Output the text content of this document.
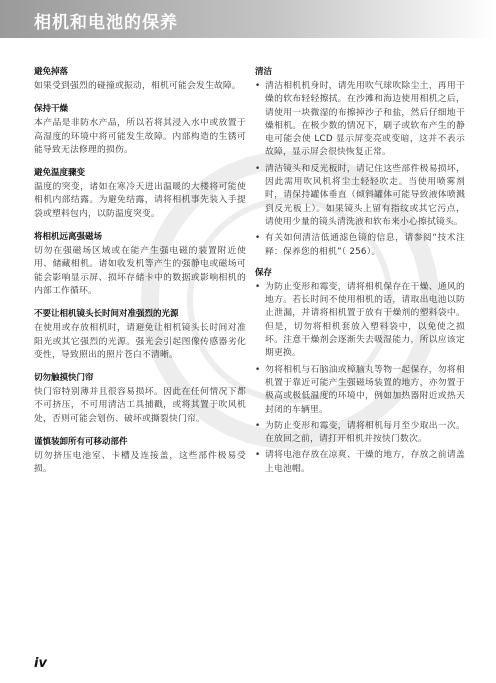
相机和电池的保养
避免掉落
如果受到强烈的碰撞或振动，相机可能会发生故障。
保持干燥
本产品是非防水产品，所以若将其浸入水中或放置于高湿度的环境中将可能发生故障。内部构造的生锈可能导致无法修理的损伤。
避免温度骤变
温度的突变，诸如在寒冷天进出温暖的大楼将可能使相机内部结露。为避免结露，请将相机事先装入手提袋或塑料包内，以防温度突变。
将相机远离强磁场
切勿在强磁场区域或在能产生强电磁的装置附近使用、储藏相机。诸如收发机等产生的强静电或磁场可能会影响显示屏、损坏存储卡中的数据或影响相机的内部工作循环。
不要让相机镜头长时间对准强烈的光源
在使用或存放相机时，请避免让相机镜头长时间对准阳光或其它强烈的光源。强光会引起图像传感器劣化变性，导致照出的照片苍白不清晰。
切勿触摸快门帘
快门帘特别薄并且很容易损坏。因此在任何情况下都不可挤压，不可用清洁工具捕戳，或将其置于吹风机处，否则可能会划伤、破坏或撕裂快门帘。
谨慎装卸所有可移动部件
切勿挤压电池室、卡槽及连接盖，这些部件极易受损。
清洁
• 清洁相机机身时，请先用吹气球吹除尘土，再用干燥的软布轻轻擦拭。在沙滩和海边使用相机之后，请使用一块微湿的布擦掉沙子和盐，然后仔细地干燥相机。在极少数的情况下，刷子或软布产生的静电可能会使 LCD 显示屏变亮或变暗，这并不表示故障，显示屏会很快恢复正常。
• 清洁镜头和反光板时，请记住这些部件极易损坏，因此需用吹风机将尘土轻轻吹走。当使用喷雾剂时，请保持罐体垂直（倾斜罐体可能导致液体喷溅到反光板上）。如果镜头上留有指纹或其它污点，请使用少量的镜头清洗液和软布来小心擦拭镜头。
• 有关如何清洁低通滤色镜的信息，请参阅“技术注释：保养您的相机”（ 256）。
保存
• 为防止变形和霉变，请将相机保存在干燥、通风的地方。若长时间不使用相机的话，请取出电池以防止泄漏，并请将相机置于放有干燥剂的塑料袋中。但是，切勿将相机套放入塑料袋中，以免使之损坏。注意干燥剂会逐渐失去吸湿能力，所以应该定期更换。
• 勿将相机与石脑油或樟脑丸等物一起保存，勿将相机置于靠近可能产生强磁场装置的地方，亦勿置于极高或极低温度的环境中，例如加热器附近或热天封闭的车辆里。
• 为防止变形和霉变，请将相机每月至少取出一次。在放回之前，请打开相机并按快门数次。
• 请将电池存放在凉爽、干燥的地方，存放之前请盖上电池帽。
iv
